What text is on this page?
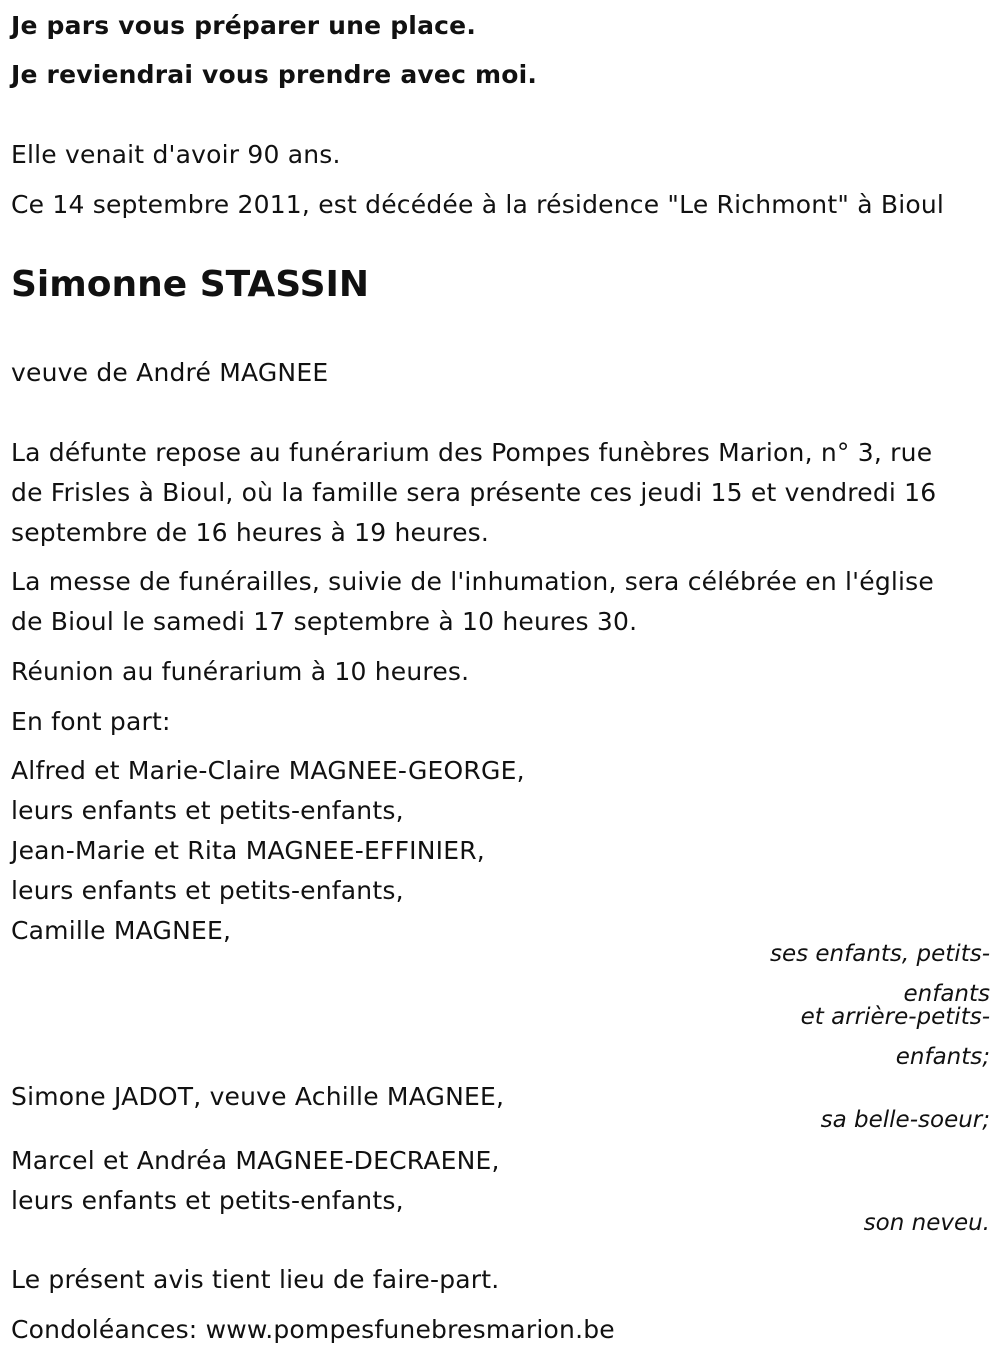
Je pars vous préparer une place.
Je reviendrai vous prendre avec moi.
Elle venait d'avoir 90 ans.
Ce 14 septembre 2011, est décédée à la résidence "Le Richmont" à Bioul
Simonne STASSIN
veuve de André MAGNEE
La défunte repose au funérarium des Pompes funèbres Marion, n° 3, rue
de Frisles à Bioul, où la famille sera présente ces jeudi 15 et vendredi 16
septembre de 16 heures à 19 heures.
La messe de funérailles, suivie de l'inhumation, sera célébrée en l'église
de Bioul le samedi 17 septembre à 10 heures 30.
Réunion au funérarium à 10 heures.
En font part:
Alfred et Marie-Claire MAGNEE-GEORGE,
leurs enfants et petits-enfants,
Jean-Marie et Rita MAGNEE-EFFINIER,
leurs enfants et petits-enfants,
Camille MAGNEE,
ses enfants, petits-
enfants
et arrière-petits-
enfants;
Simone JADOT, veuve Achille MAGNEE,
sa belle-soeur;
Marcel et Andréa MAGNEE-DECRAENE,
leurs enfants et petits-enfants,
son neveu.
Le présent avis tient lieu de faire-part.
Condoléances: www.pompesfunebresmarion.be
